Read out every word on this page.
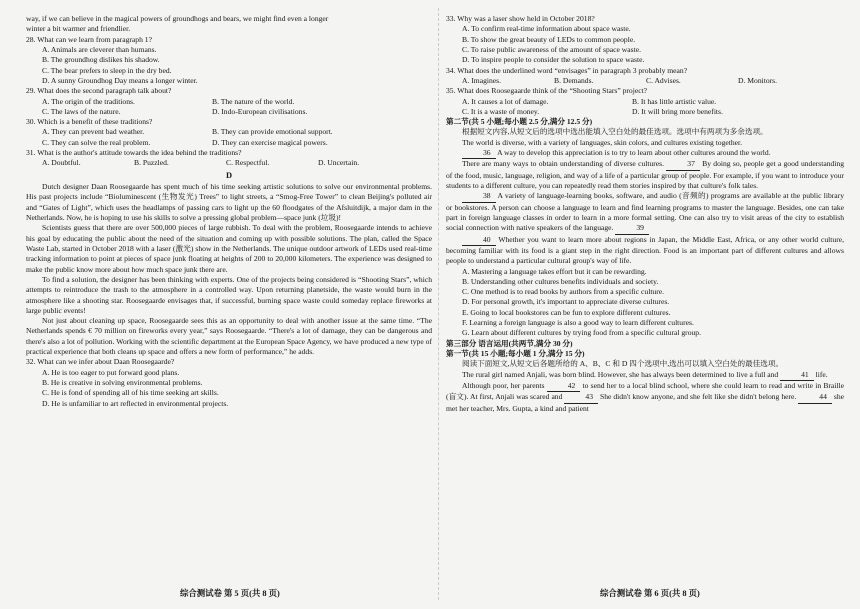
way, if we can believe in the magical powers of groundhogs and bears, we might find even a longer
winter a bit warmer and friendlier.
28. What can we learn from paragraph 1?
A. Animals are cleverer than humans.
B. The groundhog dislikes his shadow.
C. The bear prefers to sleep in the dry bed.
D. A sunny Groundhog Day means a longer winter.
29. What does the second paragraph talk about?
A. The origin of the traditions.	B. The nature of the world.
C. The laws of the nature.	D. Indo-European civilisations.
30. Which is a benefit of these traditions?
A. They can prevent bad weather.	B. They can provide emotional support.
C. They can solve the real problem.	D. They can exercise magical powers.
31. What is the author's attitude towards the idea behind the traditions?
A. Doubtful.	B. Puzzled.	C. Respectful.	D. Uncertain.
D

Dutch designer Daan Roosegaarde has spent much of his time seeking artistic solutions to solve our environmental problems. His past projects include “Bioluminescent (生物发光) Trees” to light streets, a “Smog-Free Tower” to clean Beijing's polluted air and “Gates of Light”, which uses the headlamps of passing cars to light up the 60 floodgates of the Afsluitdijk, a major dam in the Netherlands. Now, he is hoping to use his skills to solve a pressing global problem—space junk (垃圾)!

Scientists guess that there are over 500,000 pieces of large rubbish. To deal with the problem, Roosegaarde intends to achieve his goal by educating the public about the need of the situation and coming up with possible solutions. The plan, called the Space Waste Lab, started in October 2018 with a laser (激光) show in the Netherlands. The unique outdoor artwork of LEDs used real-time tracking information to point at pieces of space junk floating at heights of 200 to 20,000 kilometers. The experience was designed to make the public know more about how much space junk there are.

To find a solution, the designer has been thinking with experts. One of the projects being considered is “Shooting Stars”, which attempts to reintroduce the trash to the atmosphere in a controlled way. Upon returning planetside, the waste would burn in the atmosphere like a shooting star. Roosegaarde envisages that, if successful, burning space waste could someday replace fireworks at large public events!

Not just about cleaning up space, Roosegaarde sees this as an opportunity to deal with another issue at the same time. “The Netherlands spends € 70 million on fireworks every year,” says Roosegaarde. “There's a lot of damage, they can be dangerous and there's also a lot of pollution. Working with the scientific department at the European Space Agency, we have produced a new type of practical experience that both cleans up space and offers a new form of performance,” he adds.

32. What can we infer about Daan Roosegaarde?
A. He is too eager to put forward good plans.
B. He is creative in solving environmental problems.
C. He is fond of spending all of his time seeking art skills.
D. He is unfamiliar to art reflected in environmental projects.
33. Why was a laser show held in October 2018?
A. To confirm real-time information about space waste.
B. To show the great beauty of LEDs to common people.
C. To raise public awareness of the amount of space waste.
D. To inspire people to consider the solution to space waste.
34. What does the underlined word “envisages” in paragraph 3 probably mean?
A. Imagines.	B. Demands.	C. Advises.	D. Monitors.
35. What does Roosegaarde think of the “Shooting Stars” project?
A. It causes a lot of damage.	B. It has little artistic value.
C. It is a waste of money.	D. It will bring more benefits.
第二节(共 5 小题;每小题 2.5 分,满分 12.5 分)

根据短文内容,从短文后的选项中选出能填入空白处的最佳选项。选项中有两项为多余选项。

The world is diverse, with a variety of languages, skin colors, and cultures existing together.

36 A way to develop this appreciation is to try to learn about other cultures around the world.

There are many ways to obtain understanding of diverse cultures.	37 By doing so, people get a good understanding of the food, music, language, religion, and way of a life of a particular group of people. For example, if you want to introduce your students to a different culture, you can repeatedly read them stories inspired by that culture's folk tales.

38 A variety of language-learning books, software, and audio (音频的) programs are available at the public library or bookstores. A person can choose a language to learn and find learning programs to master the language. Besides, one can take part in foreign language classes in order to learn in a more formal setting. One can also try to visit areas of the city to establish social connection with native speakers of the language.	39

40 Whether you want to learn more about regions in Japan, the Middle East, Africa, or any other world culture, becoming familiar with its food is a giant step in the right direction. Food is an important part of different cultures and allows people to understand a particular cultural group's way of life.

A. Mastering a language takes effort but it can be rewarding.
B. Understanding other cultures benefits individuals and society.
C. One method is to read books by authors from a specific culture.
D. For personal growth, it's important to appreciate diverse cultures.
E. Going to local bookstores can be fun to explore different cultures.
F. Learning a foreign language is also a good way to learn different cultures.
G. Learn about different cultures by trying food from a specific cultural group.
第三部分 语言运用(共两节,满分 30 分)
第一节(共 15 小题;每小题 1 分,满分 15 分)

阅读下面短文,从短文后各题所给的 A、B、C 和 D 四个选项中,选出可以填入空白处的最佳选项。

The rural girl named Anjali, was born blind. However, she has always been determined to live a full and	41 life.

Although poor, her parents	42 to send her to a local blind school, where she could learn to read and write in Braille (盲文). At first, Anjali was scared and	43 She didn't know anyone, and she felt like she didn't belong here.	44 she met her teacher, Mrs. Gupta, a kind and patient

综合测试卷 第 5 页(共 8 页)	综合测试卷 第 6 页(共 8 页)
